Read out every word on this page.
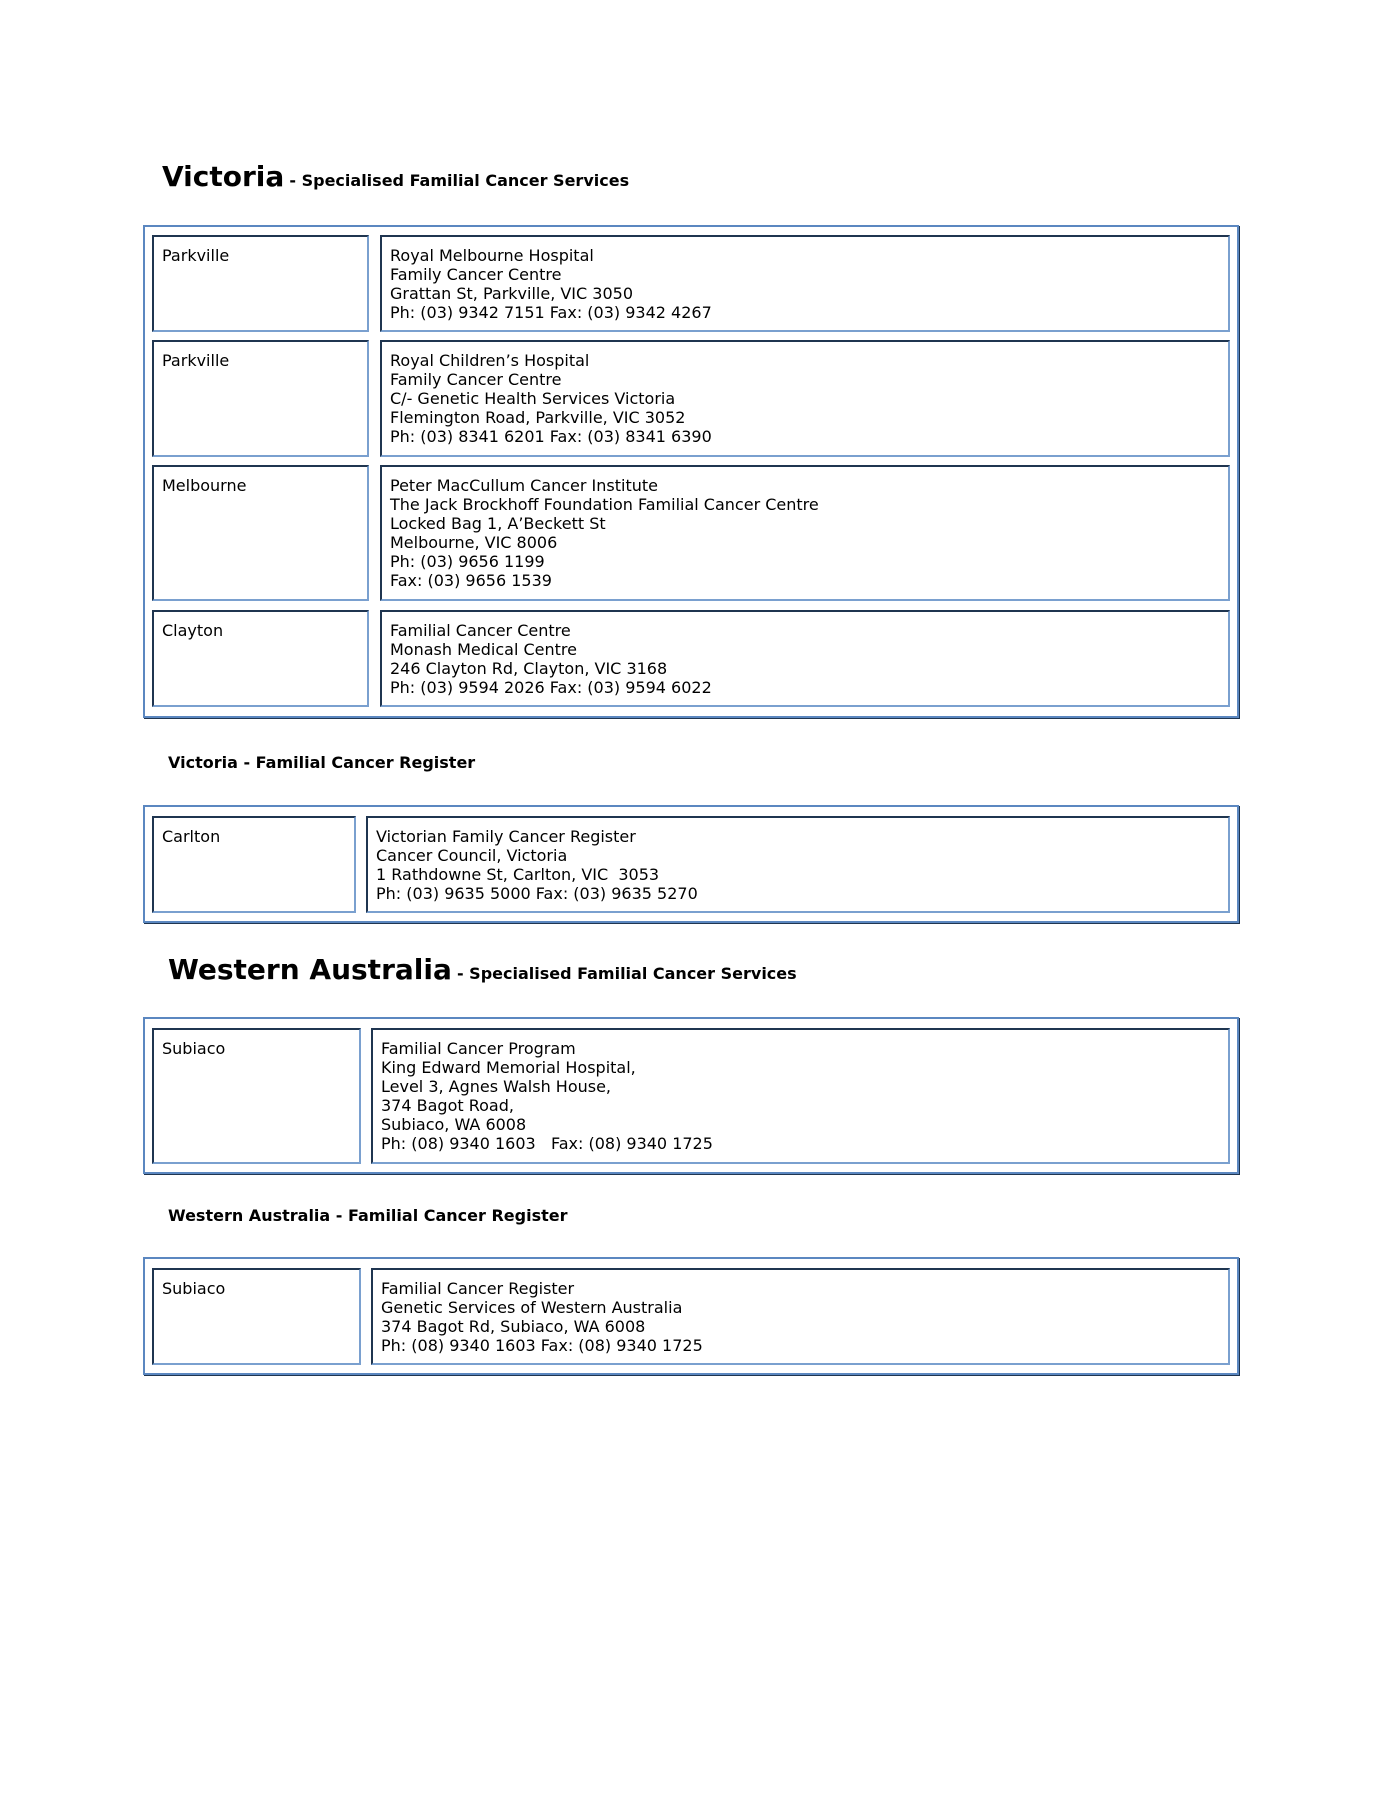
Victoria - Specialised Familial Cancer Services
Parkville	Royal Melbourne Hospital
Family Cancer Centre
Grattan St, Parkville, VIC 3050
Ph: (03) 9342 7151 Fax: (03) 9342 4267
Parkville	Royal Children’s Hospital
Family Cancer Centre
C/- Genetic Health Services Victoria
Flemington Road, Parkville, VIC 3052
Ph: (03) 8341 6201 Fax: (03) 8341 6390
Melbourne	Peter MacCullum Cancer Institute
The Jack Brockhoff Foundation Familial Cancer Centre
Locked Bag 1, A’Beckett St
Melbourne, VIC 8006
Ph: (03) 9656 1199
Fax: (03) 9656 1539
Clayton	Familial Cancer Centre
Monash Medical Centre
246 Clayton Rd, Clayton, VIC 3168
Ph: (03) 9594 2026 Fax: (03) 9594 6022
Victoria - Familial Cancer Register
Carlton	Victorian Family Cancer Register
Cancer Council, Victoria
1 Rathdowne St, Carlton, VIC  3053
Ph: (03) 9635 5000 Fax: (03) 9635 5270
Western Australia - Specialised Familial Cancer Services
Subiaco	Familial Cancer Program
King Edward Memorial Hospital,
Level 3, Agnes Walsh House,
374 Bagot Road,
Subiaco, WA 6008
Ph: (08) 9340 1603   Fax: (08) 9340 1725
Western Australia - Familial Cancer Register
Subiaco	Familial Cancer Register
Genetic Services of Western Australia
374 Bagot Rd, Subiaco, WA 6008
Ph: (08) 9340 1603 Fax: (08) 9340 1725
